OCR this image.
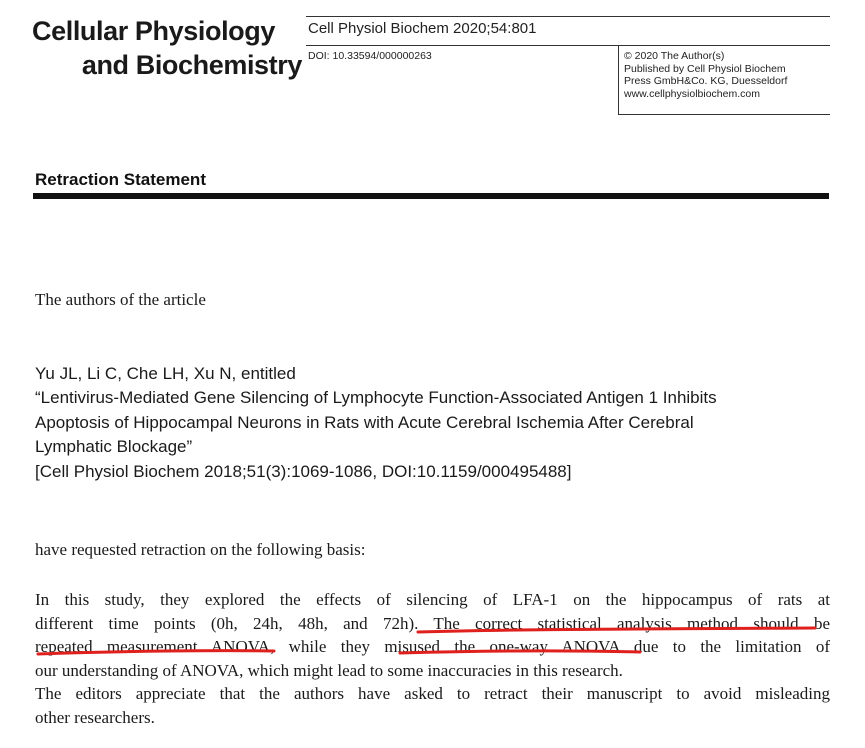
Cellular Physiology
and Biochemistry
Cell Physiol Biochem 2020;54:801
DOI: 10.33594/000000263	© 2020 The Author(s)
Published by Cell Physiol Biochem
Press GmbH&Co. KG, Duesseldorf
www.cellphysiolbiochem.com
Retraction Statement
The authors of the article
Yu JL, Li C, Che LH, Xu N, entitled
“Lentivirus-Mediated Gene Silencing of Lymphocyte Function-Associated Antigen 1 Inhibits
Apoptosis of Hippocampal Neurons in Rats with Acute Cerebral Ischemia After Cerebral
Lymphatic Blockage”
[Cell Physiol Biochem 2018;51(3):1069-1086, DOI:10.1159/000495488]
have requested retraction on the following basis:
In this study, they explored the effects of silencing of LFA-1 on the hippocampus of rats at
different time points (0h, 24h, 48h, and 72h). The correct statistical analysis method should be
repeated measurement ANOVA, while they misused the one-way ANOVA due to the limitation of
our understanding of ANOVA, which might lead to some inaccuracies in this research.
The editors appreciate that the authors have asked to retract their manuscript to avoid misleading
other researchers.
